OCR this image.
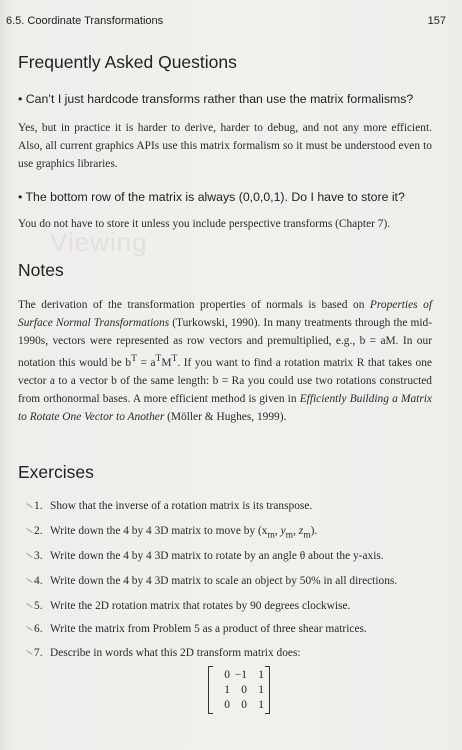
Viewing
6.5. Coordinate Transformations	157
Frequently Asked Questions
• Can’t I just hardcode transforms rather than use the matrix formalisms?
Yes, but in practice it is harder to derive, harder to debug, and not any more efficient. Also, all current graphics APIs use this matrix formalism so it must be understood even to use graphics libraries.
• The bottom row of the matrix is always (0,0,0,1). Do I have to store it?
You do not have to store it unless you include perspective transforms (Chapter 7).
Notes
The derivation of the transformation properties of normals is based on Properties of Surface Normal Transformations (Turkowski, 1990). In many treatments through the mid-1990s, vectors were represented as row vectors and premultiplied, e.g., b = aM. In our notation this would be $b^T = a^TM^T$. If you want to find a rotation matrix R that takes one vector a to a vector b of the same length: b = Ra you could use two rotations constructed from orthonormal bases. A more efficient method is given in Efficiently Building a Matrix to Rotate One Vector to Another (Möller & Hughes, 1999).
Exercises
1. Show that the inverse of a rotation matrix is its transpose.
2. Write down the 4 by 4 3D matrix to move by ($x_m$, $y_m$, $z_m$).
3. Write down the 4 by 4 3D matrix to rotate by an angle θ about the y-axis.
4. Write down the 4 by 4 3D matrix to scale an object by 50% in all directions.
5. Write the 2D rotation matrix that rotates by 90 degrees clockwise.
6. Write the matrix from Problem 5 as a product of three shear matrices.
7. Describe in words what this 2D transform matrix does:
0	−1	1
1	0	1
0	0	1
